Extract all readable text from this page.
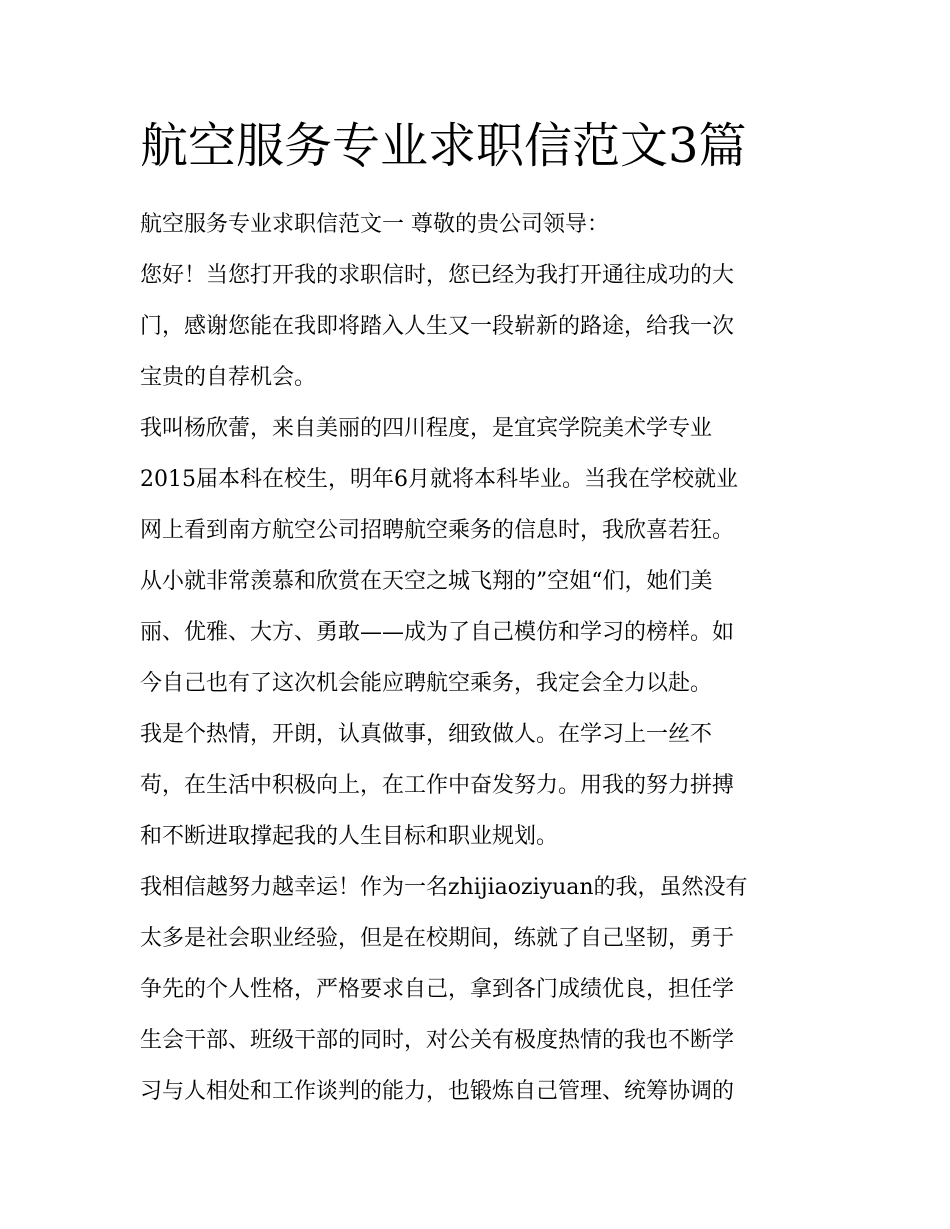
航空服务专业求职信范文3篇

航空服务专业求职信范文一 尊敬的贵公司领导：

您好！当您打开我的求职信时，您已经为我打开通往成功的大

门，感谢您能在我即将踏入人生又一段崭新的路途，给我一次

宝贵的自荐机会。

我叫杨欣蕾，来自美丽的四川程度，是宜宾学院美术学专业

2015届本科在校生，明年6月就将本科毕业。当我在学校就业

网上看到南方航空公司招聘航空乘务的信息时，我欣喜若狂。

从小就非常羡慕和欣赏在天空之城飞翔的”空姐“们，她们美

丽、优雅、大方、勇敢——成为了自己模仿和学习的榜样。如

今自己也有了这次机会能应聘航空乘务，我定会全力以赴。

我是个热情，开朗，认真做事，细致做人。在学习上一丝不

苟，在生活中积极向上，在工作中奋发努力。用我的努力拼搏

和不断进取撑起我的人生目标和职业规划。

我相信越努力越幸运！作为一名zhijiaoziyuan的我，虽然没有

太多是社会职业经验，但是在校期间，练就了自己坚韧，勇于

争先的个人性格，严格要求自己，拿到各门成绩优良，担任学

生会干部、班级干部的同时，对公关有极度热情的我也不断学

习与人相处和工作谈判的能力，也锻炼自己管理、统筹协调的
